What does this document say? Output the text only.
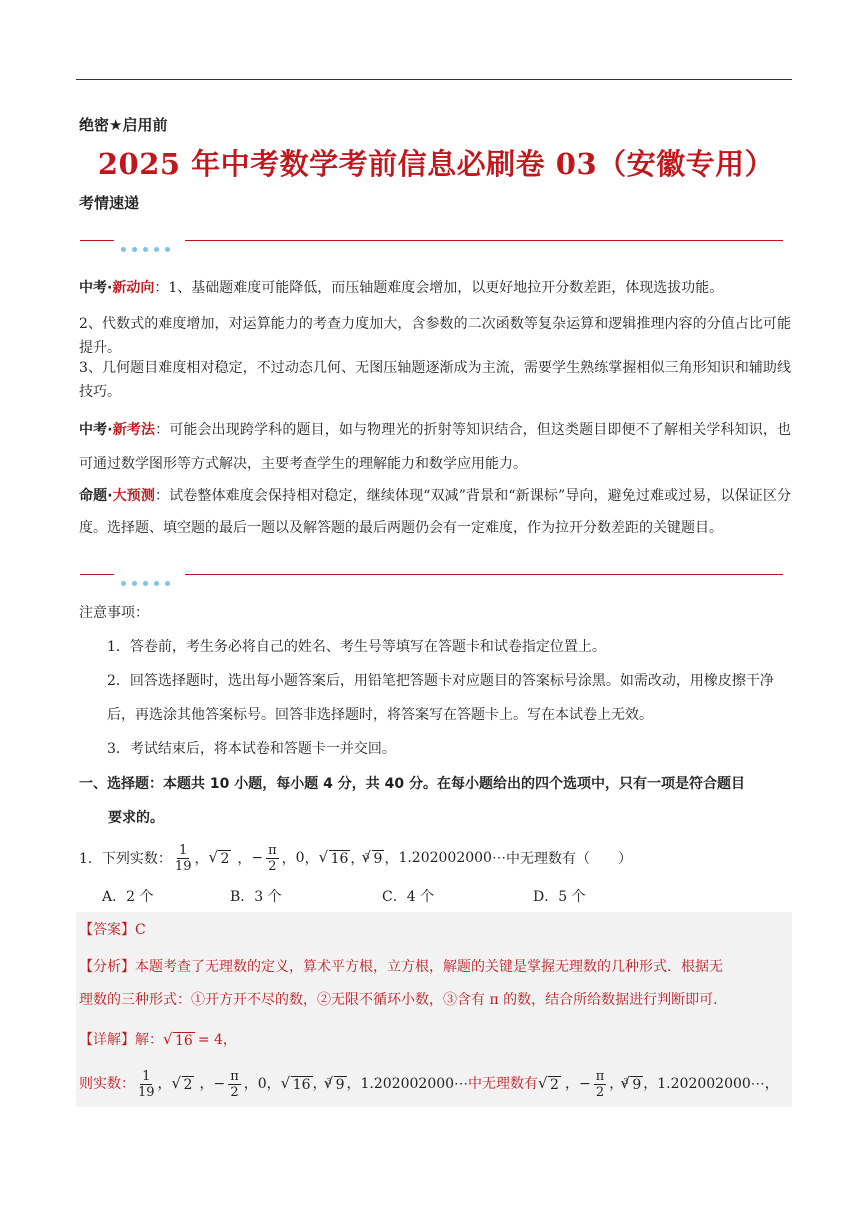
绝密★启用前
2025 年中考数学考前信息必刷卷 03（安徽专用）
考情速递
中考·新动向：1、基础题难度可能降低，而压轴题难度会增加，以更好地拉开分数差距，体现选拔功能。
2、代数式的难度增加，对运算能力的考查力度加大，含参数的二次函数等复杂运算和逻辑推理内容的分值占比可能提升。
3、几何题目难度相对稳定，不过动态几何、无图压轴题逐渐成为主流，需要学生熟练掌握相似三角形知识和辅助线技巧。
中考·新考法：可能会出现跨学科的题目，如与物理光的折射等知识结合，但这类题目即便不了解相关学科知识，也可通过数学图形等方式解决，主要考查学生的理解能力和数学应用能力。
命题·大预测：试卷整体难度会保持相对稳定，继续体现“双减”背景和“新课标”导向，避免过难或过易，以保证区分度。选择题、填空题的最后一题以及解答题的最后两题仍会有一定难度，作为拉开分数差距的关键题目。
注意事项：
1．答卷前，考生务必将自己的姓名、考生号等填写在答题卡和试卷指定位置上。
2．回答选择题时，选出每小题答案后，用铅笔把答题卡对应题目的答案标号涂黑。如需改动，用橡皮擦干净后，再选涂其他答案标号。回答非选择题时，将答案写在答题卡上。写在本试卷上无效。
3．考试结束后，将本试卷和答题卡一并交回。
一、选择题：本题共 10 小题，每小题 4 分，共 40 分。在每小题给出的四个选项中，只有一项是符合题目
要求的。
1．下列实数： $\frac{1}{19}$ ， √ 2 ， − $\frac{\pi}{2}$ ， 0 ， √ 16 ， 3 √ 9 ， 1.202002000⋯ 中无理数有（　　）
A．2 个	B．3 个	C．4 个	D．5 个
【答案】C
【分析】本题考查了无理数的定义，算术平方根，立方根，解题的关键是掌握无理数的几种形式．根据无
理数的三种形式：①开方开不尽的数，②无限不循环小数，③含有 π 的数，结合所给数据进行判断即可．
【详解】解： √ 16 = 4，
则实数： $\frac{1}{19}$ ， √ 2 ， − $\frac{\pi}{2}$ ， 0 ， √ 16 ， 3 √ 9 ， 1.202002000⋯ 中无理数有 √ 2 ， − $\frac{\pi}{2}$ ， 3 √ 9 ， 1.202002000⋯ ，
